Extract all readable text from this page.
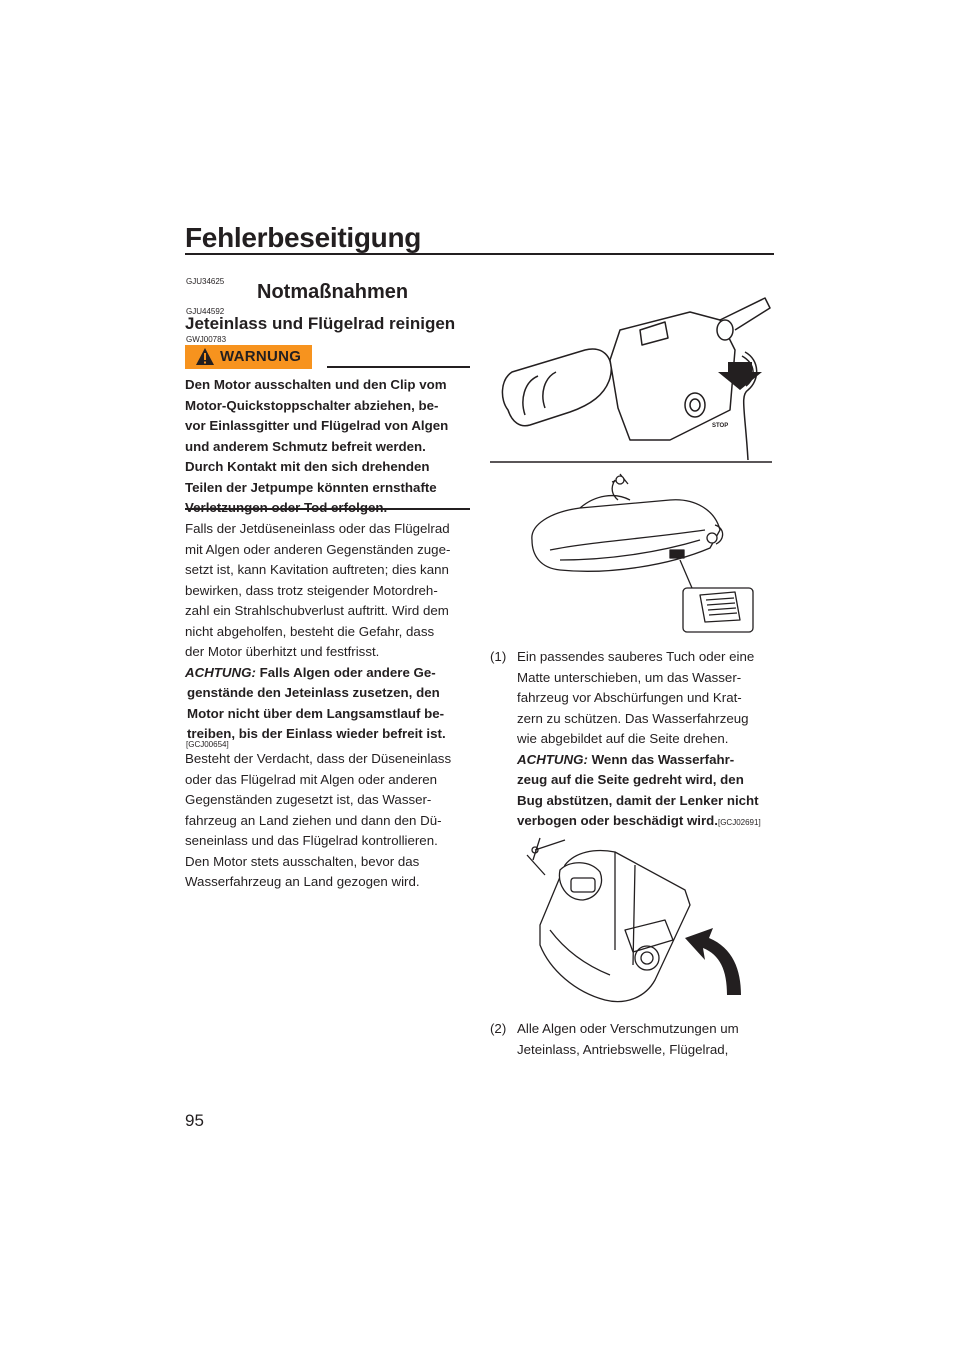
Fehlerbeseitigung
GJU34625 Notmaßnahmen
GJU44592
Jeteinlass und Flügelrad reinigen
GWJ00783
WARNUNG
Den Motor ausschalten und den Clip vom
Motor-Quickstoppschalter abziehen, be-
vor Einlassgitter und Flügelrad von Algen
und anderem Schmutz befreit werden.
Durch Kontakt mit den sich drehenden
Teilen der Jetpumpe könnten ernsthafte
Falls der Jetdüseneinlass oder das Flügelrad
mit Algen oder anderen Gegenständen zuge-
setzt ist, kann Kavitation auftreten; dies kann
bewirken, dass trotz steigender Motordreh-
zahl ein Strahlschubverlust auftritt. Wird dem
nicht abgeholfen, besteht die Gefahr, dass
der Motor überhitzt und festfrisst.
ACHTUNG: Falls Algen oder andere Ge-
genstände den Jeteinlass zusetzen, den
Motor nicht über dem Langsamstlauf be-
treiben, bis der Einlass wieder befreit ist.
[GCJ00654]
Besteht der Verdacht, dass der Düseneinlass
oder das Flügelrad mit Algen oder anderen
Gegenständen zugesetzt ist, das Wasser-
fahrzeug an Land ziehen und dann den Dü-
seneinlass und das Flügelrad kontrollieren.
Den Motor stets ausschalten, bevor das
Wasserfahrzeug an Land gezogen wird.
STOP
(1) Ein passendes sauberes Tuch oder eine
Matte unterschieben, um das Wasser-
fahrzeug vor Abschürfungen und Krat-
zern zu schützen. Das Wasserfahrzeug
wie abgebildet auf die Seite drehen.
ACHTUNG: Wenn das Wasserfahr-
zeug auf die Seite gedreht wird, den
Bug abstützen, damit der Lenker nicht
verbogen oder beschädigt wird.[GCJ02691]
(2) Alle Algen oder Verschmutzungen um
Jeteinlass, Antriebswelle, Flügelrad,
95
